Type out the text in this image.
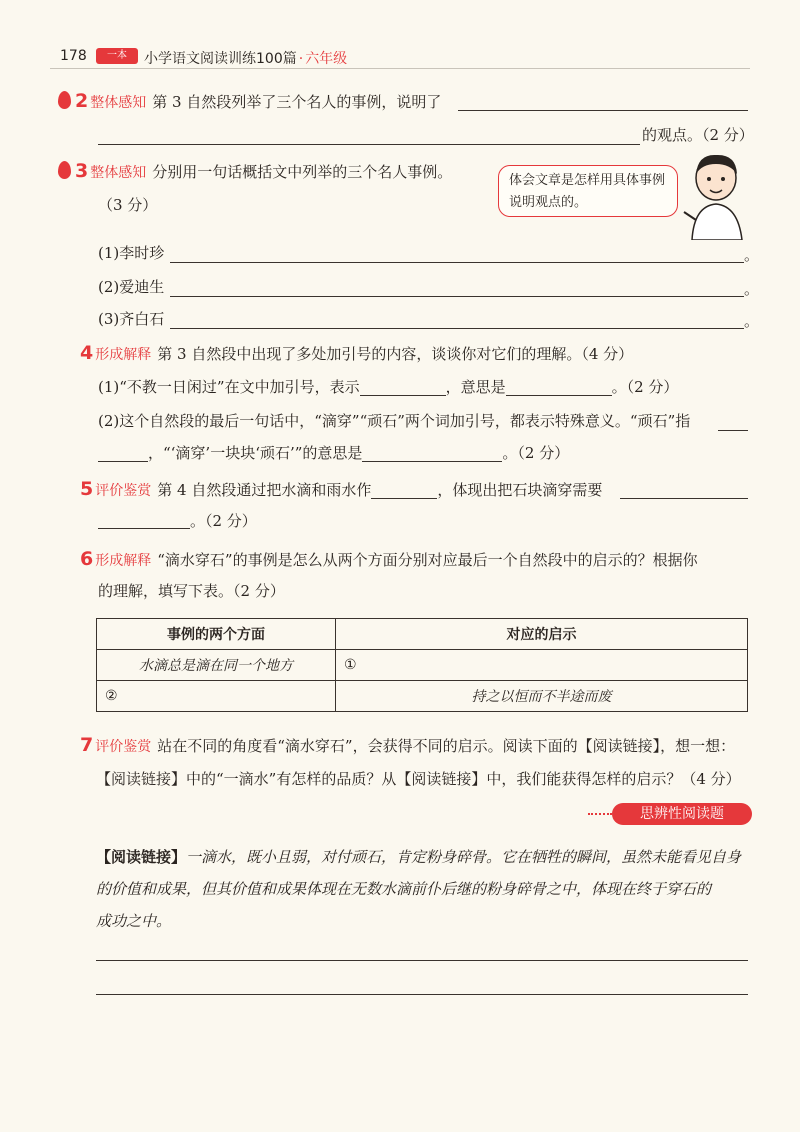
178	一本	小学语文阅读训练100篇 · 六年级
2 整体感知 第 3 自然段列举了三个名人的事例，说明了
的观点。（2 分）
3 整体感知 分别用一句话概括文中列举的三个名人事例。
（3 分）
体会文章是怎样用具体事例说明观点的。
(1)李时珍	。
(2)爱迪生	。
(3)齐白石	。
4 形成解释 第 3 自然段中出现了多处加引号的内容，谈谈你对它们的理解。（4 分）
(1)“不教一日闲过”在文中加引号，表示	，意思是	。（2 分）
(2)这个自然段的最后一句话中，“滴穿”“顽石”两个词加引号，都表示特殊意义。“顽石”指
，“‘滴穿’一块块‘顽石’”的意思是	。（2 分）
5 评价鉴赏 第 4 自然段通过把水滴和雨水作	，体现出把石块滴穿需要
。（2 分）
6 形成解释 “滴水穿石”的事例是怎么从两个方面分别对应最后一个自然段中的启示的？根据你
的理解，填写下表。（2 分）
事例的两个方面	对应的启示
水滴总是滴在同一个地方	①
②	持之以恒而不半途而废
7 评价鉴赏 站在不同的角度看“滴水穿石”，会获得不同的启示。阅读下面的【阅读链接】，想一想：
【阅读链接】中的“一滴水”有怎样的品质？从【阅读链接】中，我们能获得怎样的启示？（4 分）
思辨性阅读题
【阅读链接】一滴水，既小且弱，对付顽石，肯定粉身碎骨。它在牺牲的瞬间，虽然未能看见自身
的价值和成果，但其价值和成果体现在无数水滴前仆后继的粉身碎骨之中，体现在终于穿石的
成功之中。
